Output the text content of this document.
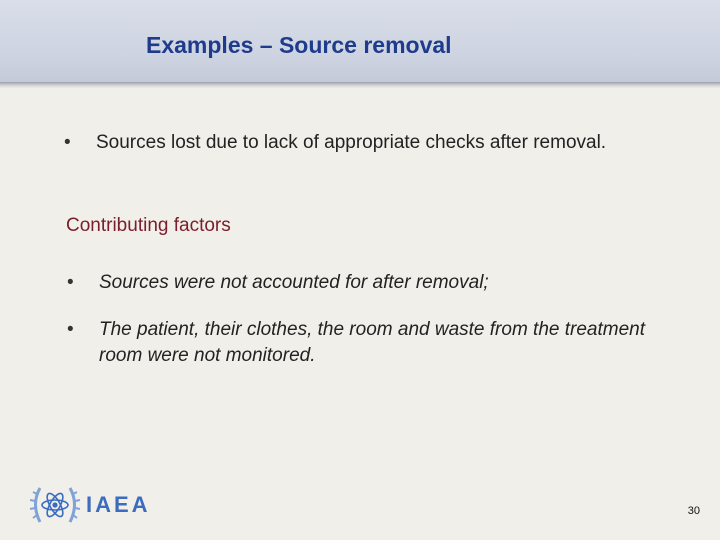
Examples – Source removal
• Sources lost due to lack of appropriate checks after removal.
Contributing factors
• Sources were not accounted for after removal;
• The patient, their clothes, the room and waste from the treatment room were not monitored.
IAEA	30
